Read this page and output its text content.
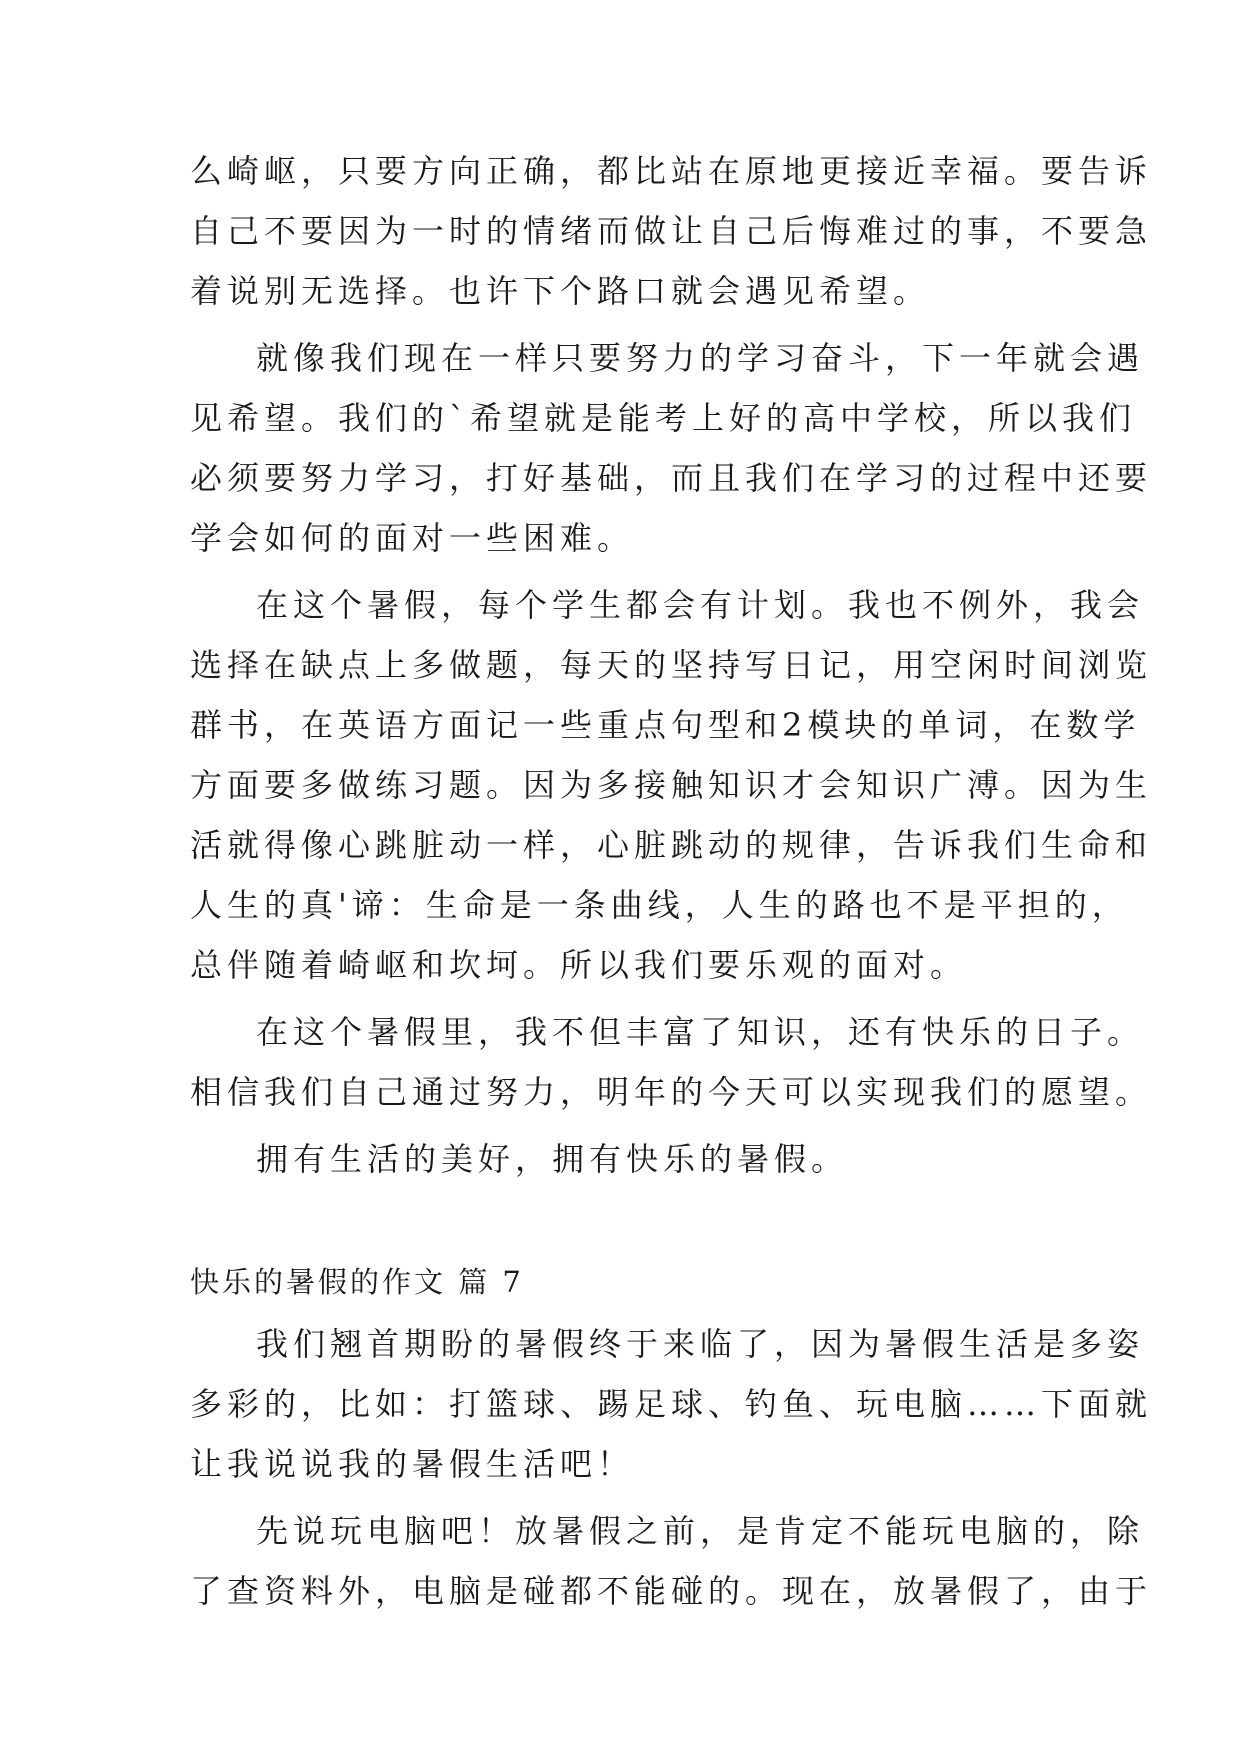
么崎岖，只要方向正确，都比站在原地更接近幸福。要告诉
自己不要因为一时的情绪而做让自己后悔难过的事，不要急
着说别无选择。也许下个路口就会遇见希望。
就像我们现在一样只要努力的学习奋斗，下一年就会遇
见希望。我们的`希望就是能考上好的高中学校，所以我们
必须要努力学习，打好基础，而且我们在学习的过程中还要
学会如何的面对一些困难。
在这个暑假，每个学生都会有计划。我也不例外，我会
选择在缺点上多做题，每天的坚持写日记，用空闲时间浏览
群书，在英语方面记一些重点句型和2模块的单词，在数学
方面要多做练习题。因为多接触知识才会知识广溥。因为生
活就得像心跳脏动一样，心脏跳动的规律，告诉我们生命和
人生的真'谛：生命是一条曲线，人生的路也不是平担的，
总伴随着崎岖和坎坷。所以我们要乐观的面对。
在这个暑假里，我不但丰富了知识，还有快乐的日子。
相信我们自己通过努力，明年的今天可以实现我们的愿望。
拥有生活的美好，拥有快乐的暑假。
快乐的暑假的作文 篇 7
我们翘首期盼的暑假终于来临了，因为暑假生活是多姿
多彩的，比如：打篮球、踢足球、钓鱼、玩电脑……下面就
让我说说我的暑假生活吧！
先说玩电脑吧！放暑假之前，是肯定不能玩电脑的，除
了查资料外，电脑是碰都不能碰的。现在，放暑假了，由于
